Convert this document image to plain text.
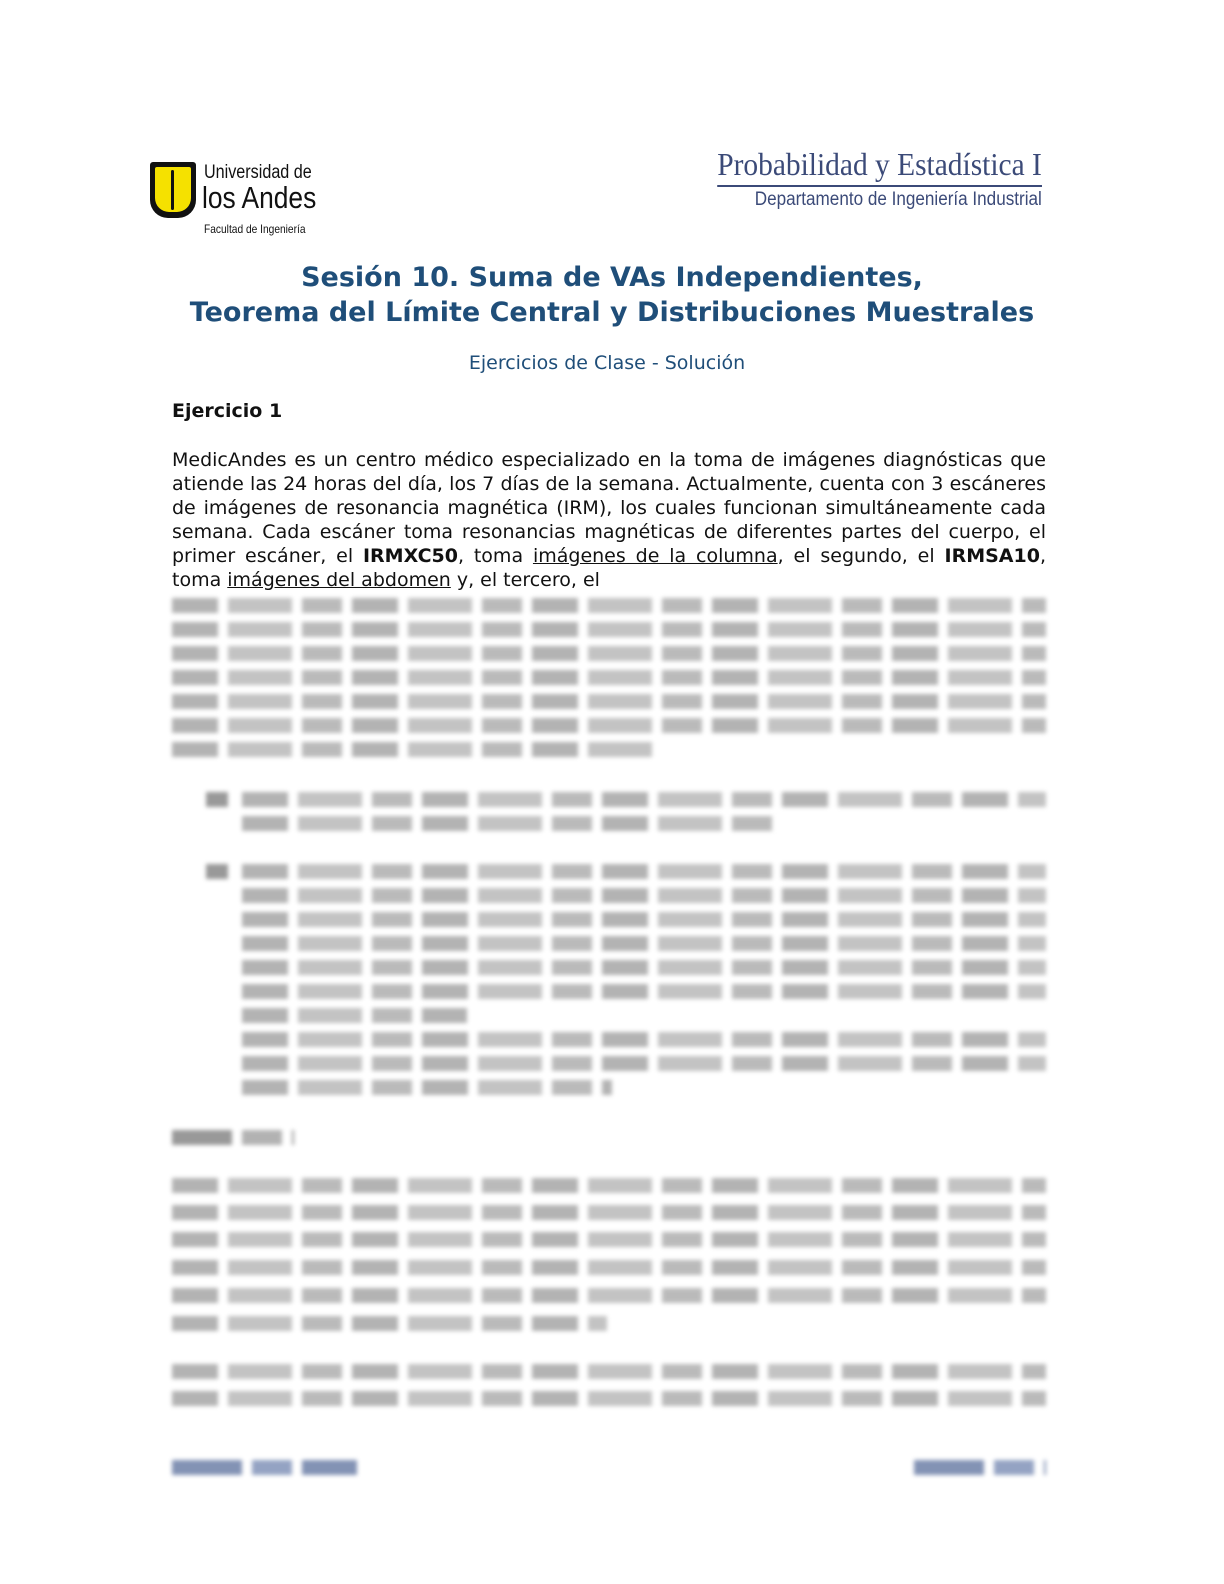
Universidad de
los Andes
Facultad de Ingeniería
Probabilidad y Estadística I
Departamento de Ingeniería Industrial
Sesión 10. Suma de VAs Independientes,
Teorema del Límite Central y Distribuciones Muestrales
Ejercicios de Clase - Solución
Ejercicio 1
MedicAndes es un centro médico especializado en la toma de imágenes diagnósticas que atiende las 24 horas del día, los 7 días de la semana. Actualmente, cuenta con 3 escáneres de imágenes de resonancia magnética (IRM), los cuales funcionan simultáneamente cada semana. Cada escáner toma resonancias magnéticas de diferentes partes del cuerpo, el primer escáner, el IRMXC50, toma imágenes de la columna, el segundo, el IRMSA10, toma imágenes del abdomen y, el tercero, el
